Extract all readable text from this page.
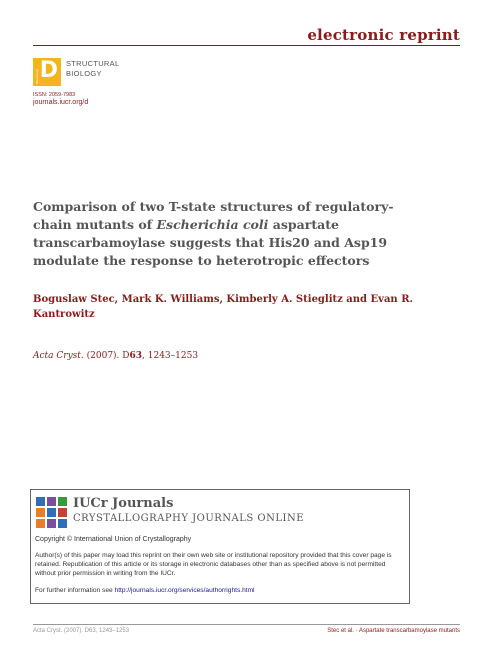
electronic reprint
Structural D STRUCTURAL
BIOLOGY
ISSN: 2059-7983
journals.iucr.org/d
Comparison of two T-state structures of regulatory-chain mutants of Escherichia coli aspartate transcarbamoylase suggests that His20 and Asp19 modulate the response to heterotropic effectors
Boguslaw Stec, Mark K. Williams, Kimberly A. Stieglitz and Evan R. Kantrowitz
Acta Cryst. (2007). D63, 1243–1253
IUCr Journals
CRYSTALLOGRAPHY JOURNALS ONLINE
Copyright © International Union of Crystallography
Author(s) of this paper may load this reprint on their own web site or institutional repository provided that this cover page is retained. Republication of this article or its storage in electronic databases other than as specified above is not permitted without prior permission in writing from the IUCr.
For further information see http://journals.iucr.org/services/authorrights.html
Acta Cryst. (2007). D63, 1243–1253	Stec et al. · Aspartate transcarbamoylase mutants
